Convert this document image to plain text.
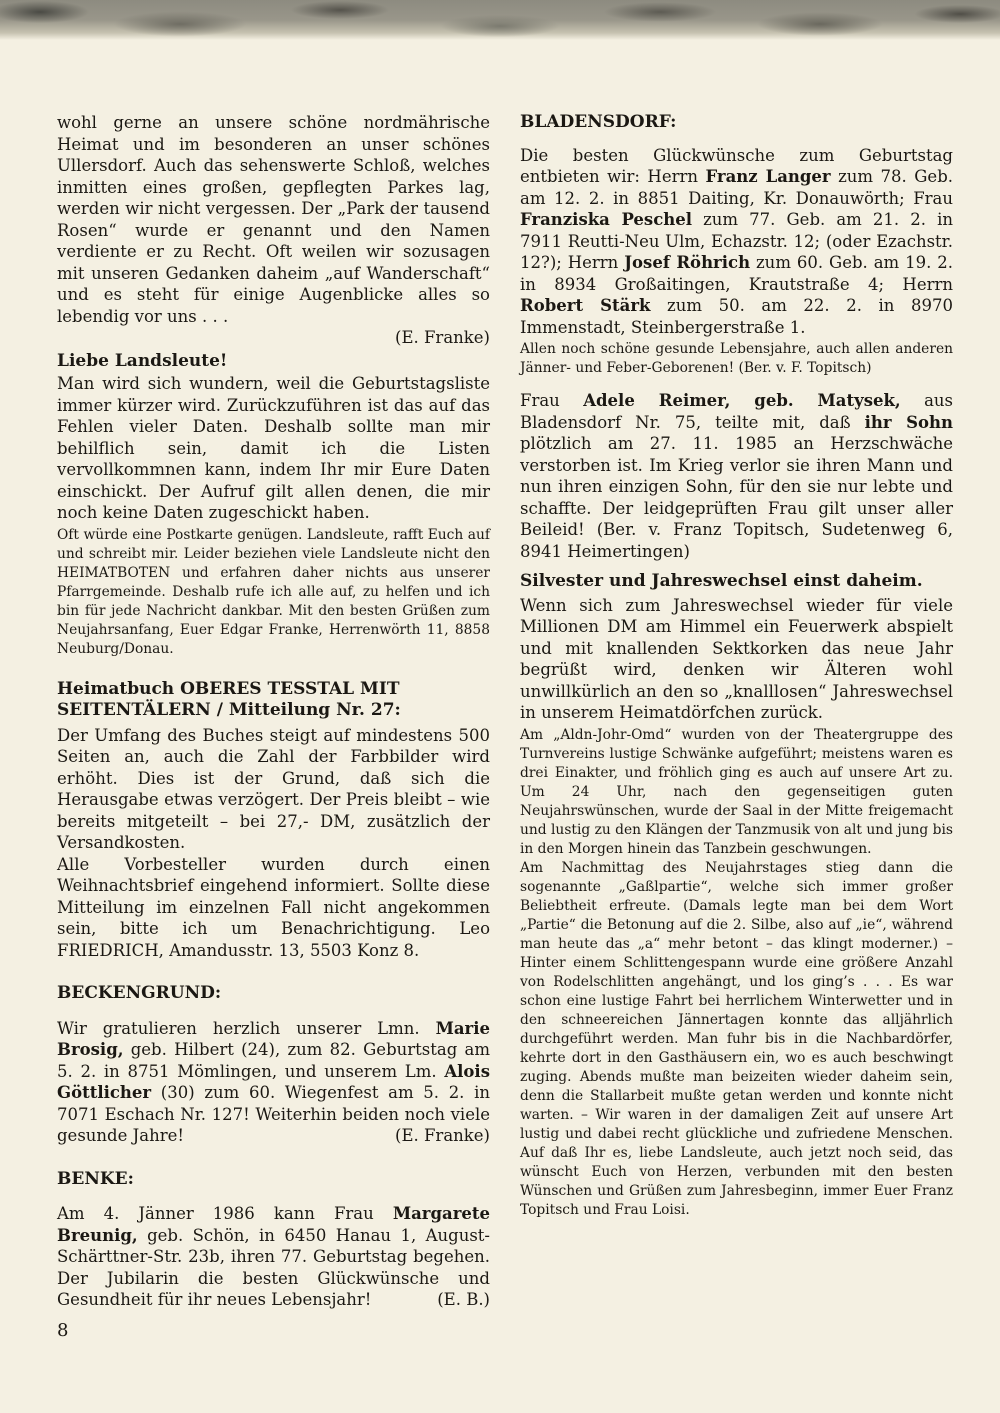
wohl gerne an unsere schöne nordmährische Heimat und im besonderen an unser schönes Ullersdorf. Auch das sehenswerte Schloß, welches inmitten eines großen, gepflegten Parkes lag, werden wir nicht vergessen. Der „Park der tausend Rosen“ wurde er genannt und den Namen verdiente er zu Recht. Oft weilen wir sozusagen mit unseren Gedanken daheim „auf Wanderschaft“ und es steht für einige Augenblicke alles so lebendig vor uns . . .

(E. Franke)

Liebe Landsleute!

Man wird sich wundern, weil die Geburtstagsliste immer kürzer wird. Zurückzuführen ist das auf das Fehlen vieler Daten. Deshalb sollte man mir behilflich sein, damit ich die Listen vervollkommnen kann, indem Ihr mir Eure Daten einschickt. Der Aufruf gilt allen denen, die mir noch keine Daten zugeschickt haben.

Oft würde eine Postkarte genügen. Landsleute, rafft Euch auf und schreibt mir. Leider beziehen viele Landsleute nicht den HEIMATBOTEN und erfahren daher nichts aus unserer Pfarrgemeinde. Deshalb rufe ich alle auf, zu helfen und ich bin für jede Nachricht dankbar. Mit den besten Grüßen zum Neujahrsanfang, Euer Edgar Franke, Herrenwörth 11, 8858 Neuburg/Donau.

Heimatbuch OBERES TESSTAL MIT SEITENTÄLERN / Mitteilung Nr. 27:

Der Umfang des Buches steigt auf mindestens 500 Seiten an, auch die Zahl der Farbbilder wird erhöht. Dies ist der Grund, daß sich die Herausgabe etwas verzögert. Der Preis bleibt – wie bereits mitgeteilt – bei 27,- DM, zusätzlich der Versandkosten.

Alle Vorbesteller wurden durch einen Weihnachtsbrief eingehend informiert. Sollte diese Mitteilung im einzelnen Fall nicht angekommen sein, bitte ich um Benachrichtigung. Leo FRIEDRICH, Amandusstr. 13, 5503 Konz 8.

BECKENGRUND:

Wir gratulieren herzlich unserer Lmn. Marie Brosig, geb. Hilbert (24), zum 82. Geburtstag am 5. 2. in 8751 Mömlingen, und unserem Lm. Alois Göttlicher (30) zum 60. Wiegenfest am 5. 2. in 7071 Eschach Nr. 127! Weiterhin beiden noch viele gesunde Jahre!	(E. Franke)

BENKE:

Am 4. Jänner 1986 kann Frau Margarete Breunig, geb. Schön, in 6450 Hanau 1, August-Schärttner-Str. 23b, ihren 77. Geburtstag begehen. Der Jubilarin die besten Glückwünsche und Gesundheit für ihr neues Lebensjahr!	(E. B.)

BLADENSDORF:

Die besten Glückwünsche zum Geburtstag entbieten wir: Herrn Franz Langer zum 78. Geb. am 12. 2. in 8851 Daiting, Kr. Donauwörth; Frau Franziska Peschel zum 77. Geb. am 21. 2. in 7911 Reutti-Neu Ulm, Echazstr. 12; (oder Ezachstr. 12?); Herrn Josef Röhrich zum 60. Geb. am 19. 2. in 8934 Großaitingen, Krautstraße 4; Herrn Robert Stärk zum 50. am 22. 2. in 8970 Immenstadt, Steinbergerstraße 1.

Allen noch schöne gesunde Lebensjahre, auch allen anderen Jänner- und Feber-Geborenen! (Ber. v. F. Topitsch)

Frau Adele Reimer, geb. Matysek, aus Bladensdorf Nr. 75, teilte mit, daß ihr Sohn plötzlich am 27. 11. 1985 an Herzschwäche verstorben ist. Im Krieg verlor sie ihren Mann und nun ihren einzigen Sohn, für den sie nur lebte und schaffte. Der leidgeprüften Frau gilt unser aller Beileid! (Ber. v. Franz Topitsch, Sudetenweg 6, 8941 Heimertingen)

Silvester und Jahreswechsel einst daheim.

Wenn sich zum Jahreswechsel wieder für viele Millionen DM am Himmel ein Feuerwerk abspielt und mit knallenden Sektkorken das neue Jahr begrüßt wird, denken wir Älteren wohl unwillkürlich an den so „knalllosen“ Jahreswechsel in unserem Heimatdörfchen zurück.

Am „Aldn-Johr-Omd“ wurden von der Theatergruppe des Turnvereins lustige Schwänke aufgeführt; meistens waren es drei Einakter, und fröhlich ging es auch auf unsere Art zu. Um 24 Uhr, nach den gegenseitigen guten Neujahrswünschen, wurde der Saal in der Mitte freigemacht und lustig zu den Klängen der Tanzmusik von alt und jung bis in den Morgen hinein das Tanzbein geschwungen.

Am Nachmittag des Neujahrstages stieg dann die sogenannte „Gaßlpartie“, welche sich immer großer Beliebtheit erfreute. (Damals legte man bei dem Wort „Partie“ die Betonung auf die 2. Silbe, also auf „ie“, während man heute das „a“ mehr betont – das klingt moderner.) – Hinter einem Schlittengespann wurde eine größere Anzahl von Rodelschlitten angehängt, und los ging’s . . . Es war schon eine lustige Fahrt bei herrlichem Winterwetter und in den schneereichen Jännertagen konnte das alljährlich durchgeführt werden. Man fuhr bis in die Nachbardörfer, kehrte dort in den Gasthäusern ein, wo es auch beschwingt zuging. Abends mußte man beizeiten wieder daheim sein, denn die Stallarbeit mußte getan werden und konnte nicht warten. – Wir waren in der damaligen Zeit auf unsere Art lustig und dabei recht glückliche und zufriedene Menschen. Auf daß Ihr es, liebe Landsleute, auch jetzt noch seid, das wünscht Euch von Herzen, verbunden mit den besten Wünschen und Grüßen zum Jahresbeginn, immer Euer Franz Topitsch und Frau Loisi.

8
